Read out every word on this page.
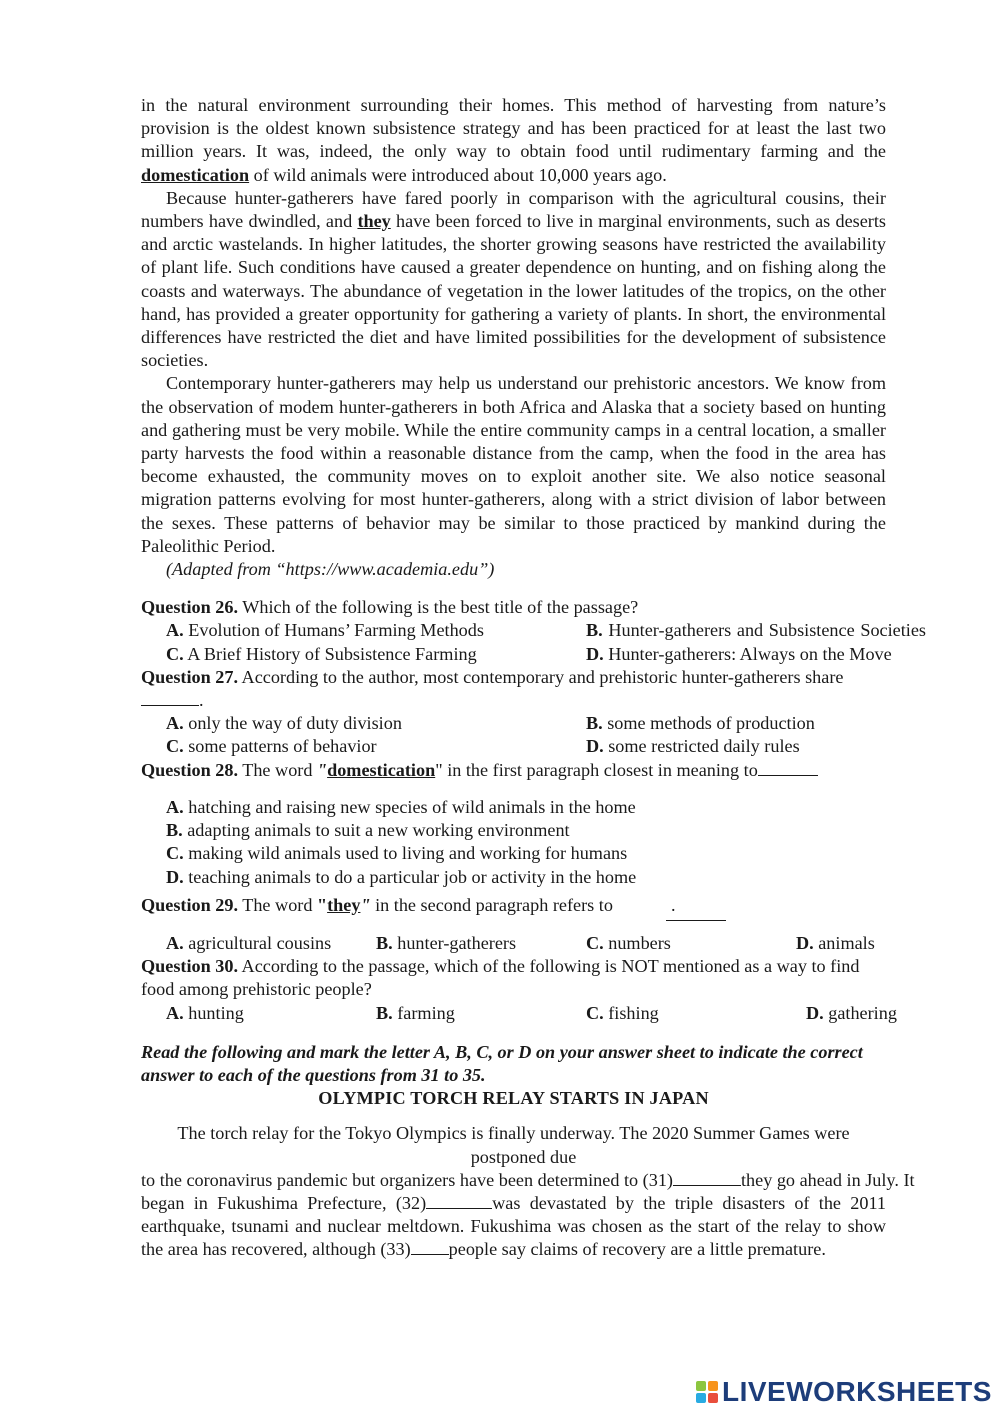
in the natural environment surrounding their homes. This method of harvesting from nature’s provision is the oldest known subsistence strategy and has been practiced for at least the last two million years. It was, indeed, the only way to obtain food until rudimentary farming and the domestication of wild animals were introduced about 10,000 years ago.

Because hunter-gatherers have fared poorly in comparison with the agricultural cousins, their numbers have dwindled, and they have been forced to live in marginal environments, such as deserts and arctic wastelands. In higher latitudes, the shorter growing seasons have restricted the availability of plant life. Such conditions have caused a greater dependence on hunting, and on fishing along the coasts and waterways. The abundance of vegetation in the lower latitudes of the tropics, on the other hand, has provided a greater opportunity for gathering a variety of plants. In short, the environmental differences have restricted the diet and have limited possibilities for the development of subsistence societies.

Contemporary hunter-gatherers may help us understand our prehistoric ancestors. We know from the observation of modem hunter-gatherers in both Africa and Alaska that a society based on hunting and gathering must be very mobile. While the entire community camps in a central location, a smaller party harvests the food within a reasonable distance from the camp, when the food in the area has become exhausted, the community moves on to exploit another site. We also notice seasonal migration patterns evolving for most hunter-gatherers, along with a strict division of labor between the sexes. These patterns of behavior may be similar to those practiced by mankind during the Paleolithic Period.

(Adapted from “https://www.academia.edu”)

Question 26. Which of the following is the best title of the passage?

A. Evolution of Humans’ Farming Methods	B. Hunter-gatherers and Subsistence Societies
C. A Brief History of Subsistence Farming	D. Hunter-gatherers: Always on the Move

Question 27. According to the author, most contemporary and prehistoric hunter-gatherers share.

A. only the way of duty division	B. some methods of production
C. some patterns of behavior	D. some restricted daily rules

Question 28. The word "domestication" in the first paragraph closest in meaning to

A.
hatching and raising new species of wild animals in the home
B.
adapting animals to suit a new working environment
C.
making wild animals used to living and working for humans
D.
teaching animals to do a particular job or activity in the home

Question 29. The word "they" in the second paragraph refers to	.

A. agricultural cousins	B. hunter-gatherers	C. numbers	D. animals

Question 30. According to the passage, which of the following is NOT mentioned as a way to find food among prehistoric people?

A. hunting	B. farming	C. fishing	D. gathering

Read the following and mark the letter A, B, C, or D on your answer sheet to indicate the correct answer to each of the questions from 31 to 35.

OLYMPIC TORCH RELAY STARTS IN JAPAN

The torch relay for the Tokyo Olympics is finally underway. The 2020 Summer Games were

postponed due

to the coronavirus pandemic but organizers have been determined to (31)	they go ahead in July. It

began in Fukushima Prefecture, (32)	was devastated by the triple disasters of the 2011 earthquake, tsunami and nuclear meltdown. Fukushima was chosen as the start of the relay to show the area has recovered, although (33) people say claims of recovery are a little premature.

LIVEWORKSHEETS
